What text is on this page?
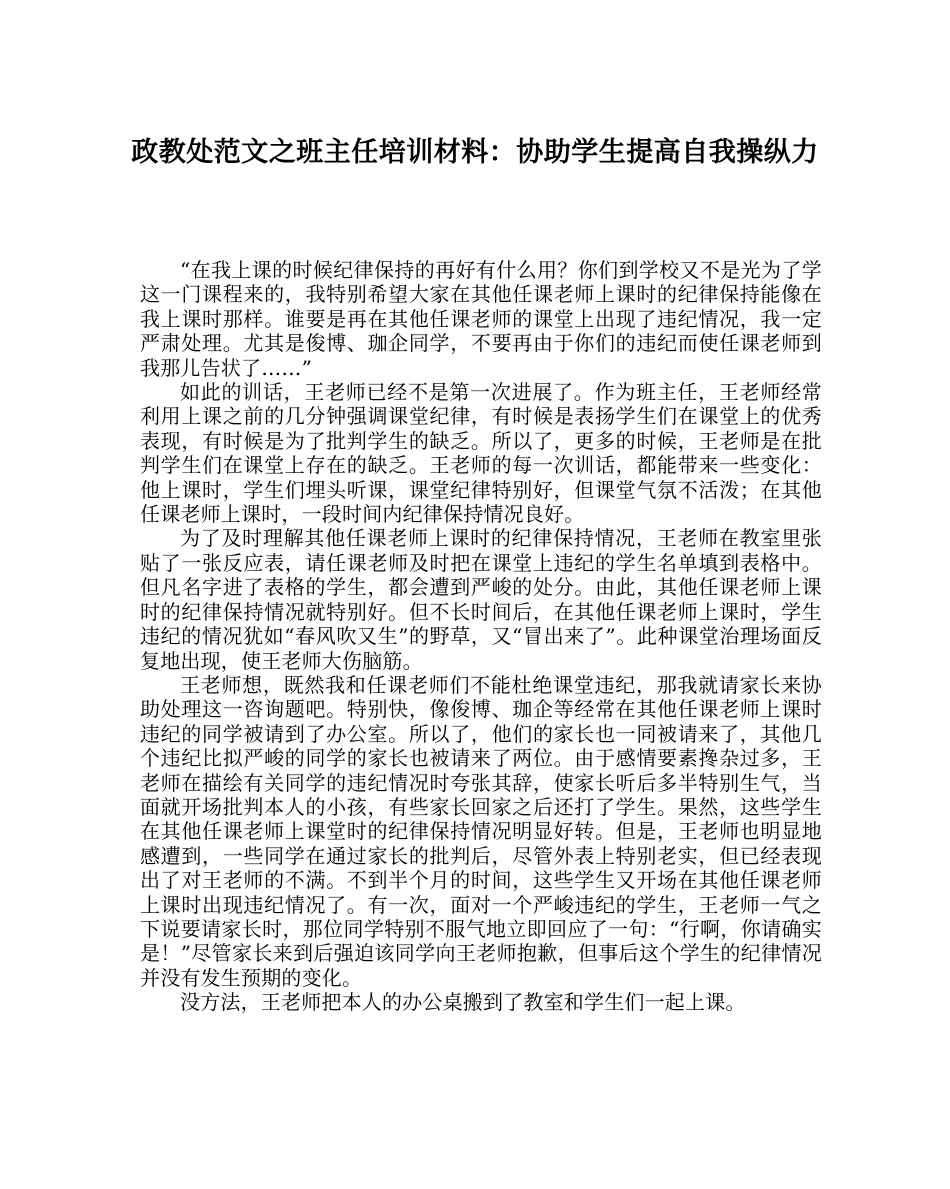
政教处范文之班主任培训材料：协助学生提高自我操纵力

“在我上课的时候纪律保持的再好有什么用？你们到学校又不是光为了学这一门课程来的，我特别希望大家在其他任课老师上课时的纪律保持能像在我上课时那样。谁要是再在其他任课老师的课堂上出现了违纪情况，我一定严肃处理。尤其是俊博、珈企同学，不要再由于你们的违纪而使任课老师到我那儿告状了……”

如此的训话，王老师已经不是第一次进展了。作为班主任，王老师经常利用上课之前的几分钟强调课堂纪律，有时候是表扬学生们在课堂上的优秀表现，有时候是为了批判学生的缺乏。所以了，更多的时候，王老师是在批判学生们在课堂上存在的缺乏。王老师的每一次训话，都能带来一些变化：他上课时，学生们埋头听课，课堂纪律特别好，但课堂气氛不活泼；在其他任课老师上课时，一段时间内纪律保持情况良好。

为了及时理解其他任课老师上课时的纪律保持情况，王老师在教室里张贴了一张反应表，请任课老师及时把在课堂上违纪的学生名单填到表格中。但凡名字进了表格的学生，都会遭到严峻的处分。由此，其他任课老师上课时的纪律保持情况就特别好。但不长时间后，在其他任课老师上课时，学生违纪的情况犹如“春风吹又生”的野草，又“冒出来了”。此种课堂治理场面反复地出现，使王老师大伤脑筋。

王老师想，既然我和任课老师们不能杜绝课堂违纪，那我就请家长来协助处理这一咨询题吧。特别快，像俊博、珈企等经常在其他任课老师上课时违纪的同学被请到了办公室。所以了，他们的家长也一同被请来了，其他几个违纪比拟严峻的同学的家长也被请来了两位。由于感情要素搀杂过多，王老师在描绘有关同学的违纪情况时夸张其辞，使家长听后多半特别生气，当面就开场批判本人的小孩，有些家长回家之后还打了学生。果然，这些学生在其他任课老师上课堂时的纪律保持情况明显好转。但是，王老师也明显地感遭到，一些同学在通过家长的批判后，尽管外表上特别老实，但已经表现出了对王老师的不满。不到半个月的时间，这些学生又开场在其他任课老师上课时出现违纪情况了。有一次，面对一个严峻违纪的学生，王老师一气之下说要请家长时，那位同学特别不服气地立即回应了一句：“行啊，你请确实是！”尽管家长来到后强迫该同学向王老师抱歉，但事后这个学生的纪律情况并没有发生预期的变化。

没方法，王老师把本人的办公桌搬到了教室和学生们一起上课。
